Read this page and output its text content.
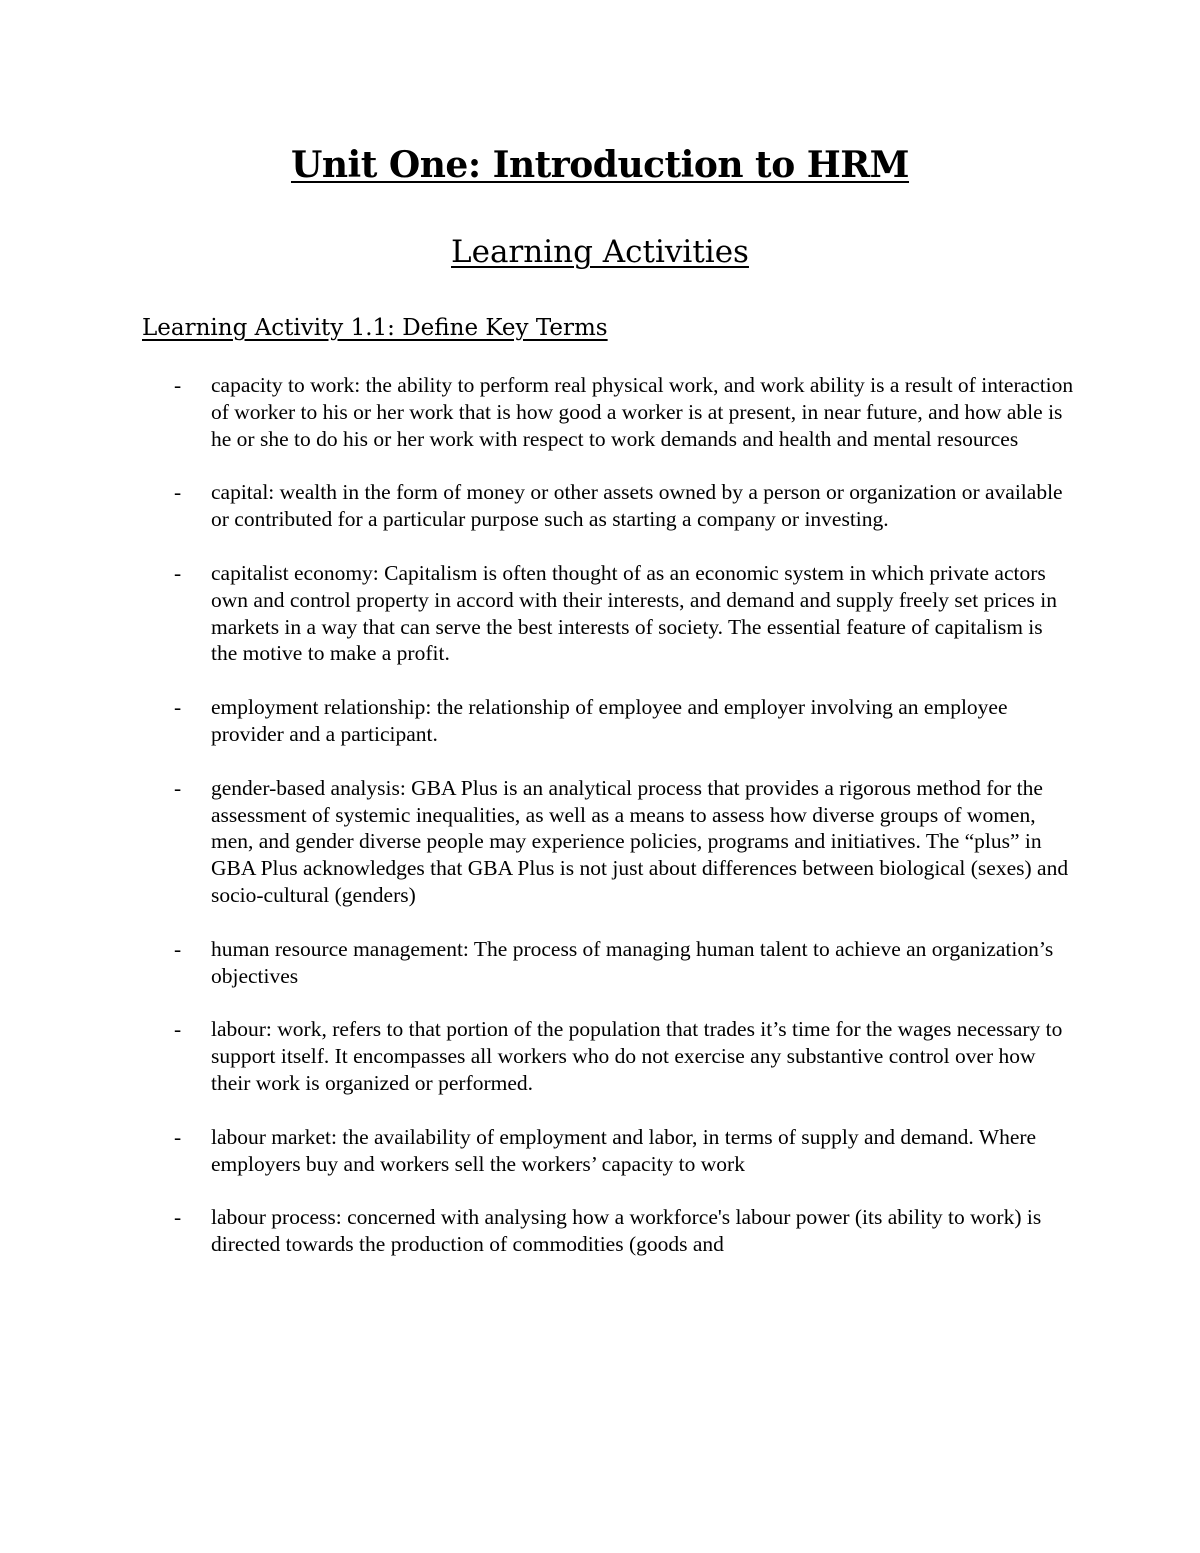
Unit One: Introduction to HRM
Learning Activities
Learning Activity 1.1: Define Key Terms
- capacity to work: the ability to perform real physical work, and work ability is a result of interaction of worker to his or her work that is how good a worker is at present, in near future, and how able is he or she to do his or her work with respect to work demands and health and mental resources
- capital: wealth in the form of money or other assets owned by a person or organization or available or contributed for a particular purpose such as starting a company or investing.
- capitalist economy: Capitalism is often thought of as an economic system in which private actors own and control property in accord with their interests, and demand and supply freely set prices in markets in a way that can serve the best interests of society. The essential feature of capitalism is the motive to make a profit.
- employment relationship: the relationship of employee and employer involving an employee provider and a participant.
- gender-based analysis: GBA Plus is an analytical process that provides a rigorous method for the assessment of systemic inequalities, as well as a means to assess how diverse groups of women, men, and gender diverse people may experience policies, programs and initiatives. The “plus” in GBA Plus acknowledges that GBA Plus is not just about differences between biological (sexes) and socio-cultural (genders)
- human resource management: The process of managing human talent to achieve an organization’s objectives
- labour: work, refers to that portion of the population that trades it’s time for the wages necessary to support itself. It encompasses all workers who do not exercise any substantive control over how their work is organized or performed.
- labour market: the availability of employment and labor, in terms of supply and demand. Where employers buy and workers sell the workers’ capacity to work
- labour process: concerned with analysing how a workforce's labour power (its ability to work) is directed towards the production of commodities (goods and
